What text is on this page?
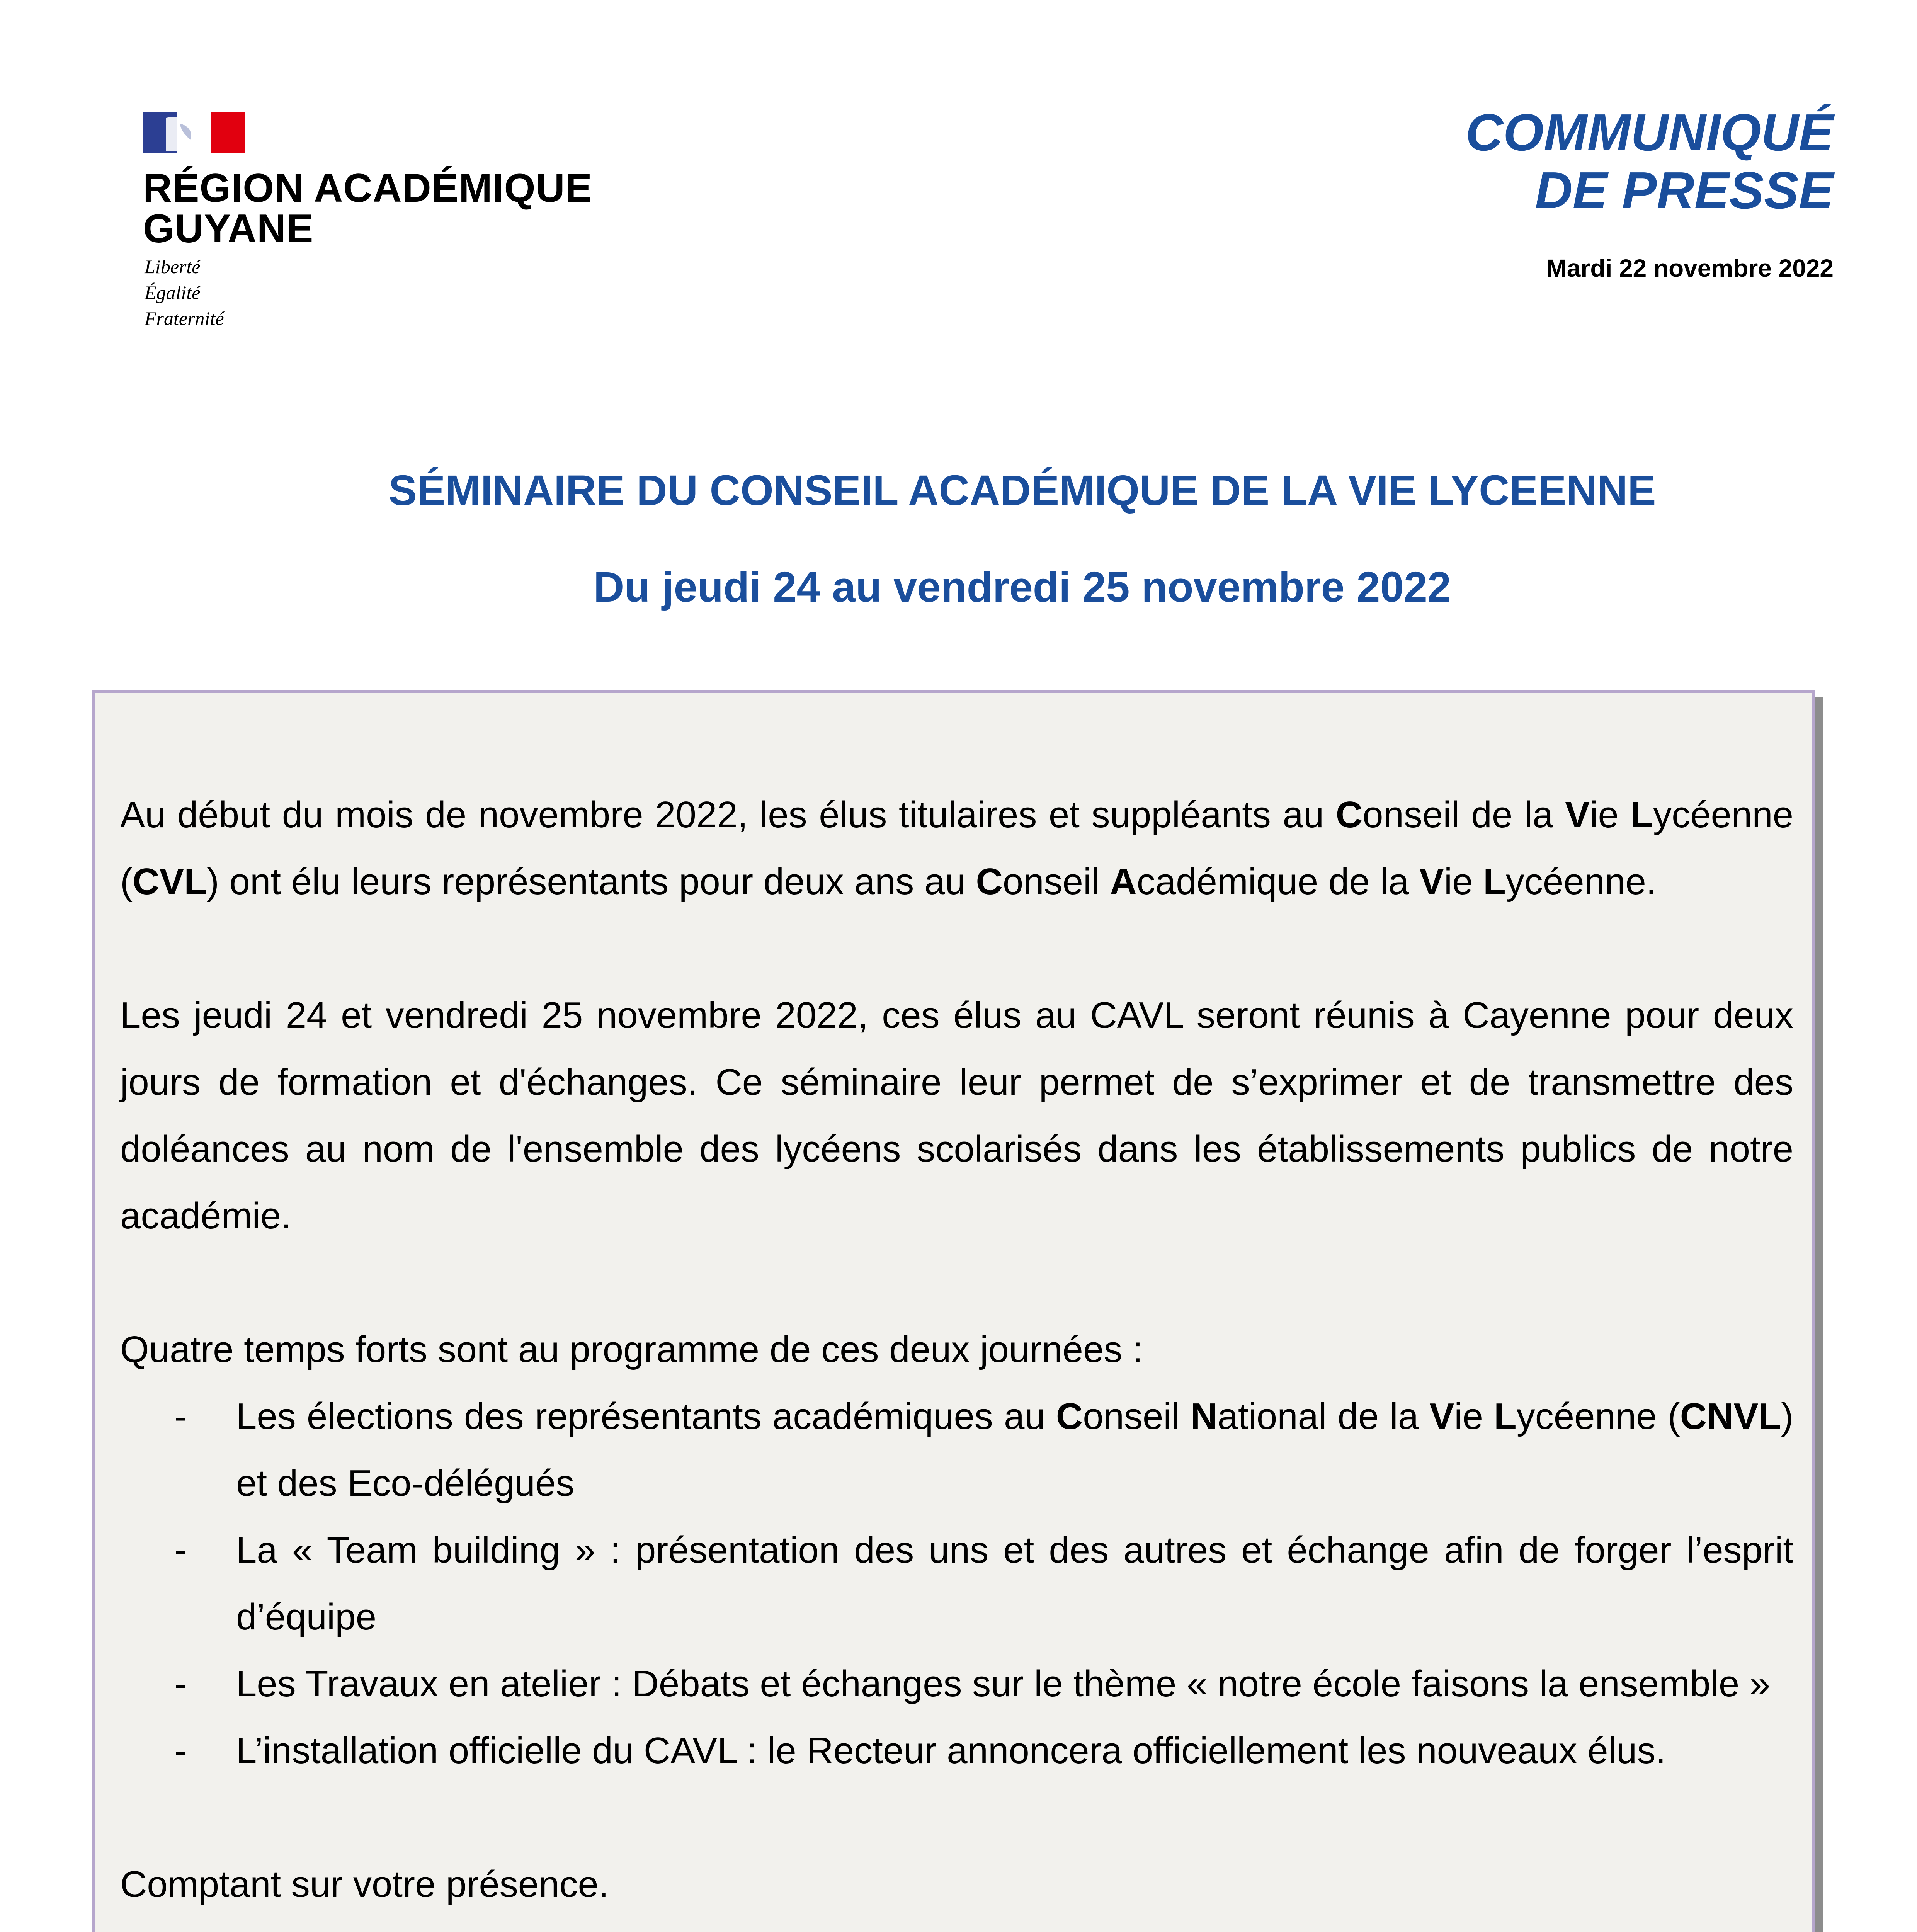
RÉGION ACADÉMIQUE
GUYANE
Liberté
Égalité
Fraternité
COMMUNIQUÉ
DE PRESSE
Mardi 22 novembre 2022
SÉMINAIRE DU CONSEIL ACADÉMIQUE DE LA VIE LYCEENNE
Du jeudi 24 au vendredi 25 novembre 2022

Au début du mois de novembre 2022, les élus titulaires et suppléants au Conseil de la Vie Lycéenne (CVL) ont élu leurs représentants pour deux ans au Conseil Académique de la Vie Lycéenne.

Les jeudi 24 et vendredi 25 novembre 2022, ces élus au CAVL seront réunis à Cayenne pour deux jours de formation et d'échanges. Ce séminaire leur permet de s’exprimer et de transmettre des doléances au nom de l'ensemble des lycéens scolarisés dans les établissements publics de notre académie.

Quatre temps forts sont au programme de ces deux journées :

- Les élections des représentants académiques au Conseil National de la Vie Lycéenne (CNVL) et des Eco-délégués
- La « Team building » : présentation des uns et des autres et échange afin de forger l’esprit d’équipe
- Les Travaux en atelier : Débats et échanges sur le thème « notre école faisons la ensemble »
- L’installation officielle du CAVL : le Recteur annoncera officiellement les nouveaux élus.

Comptant sur votre présence.
